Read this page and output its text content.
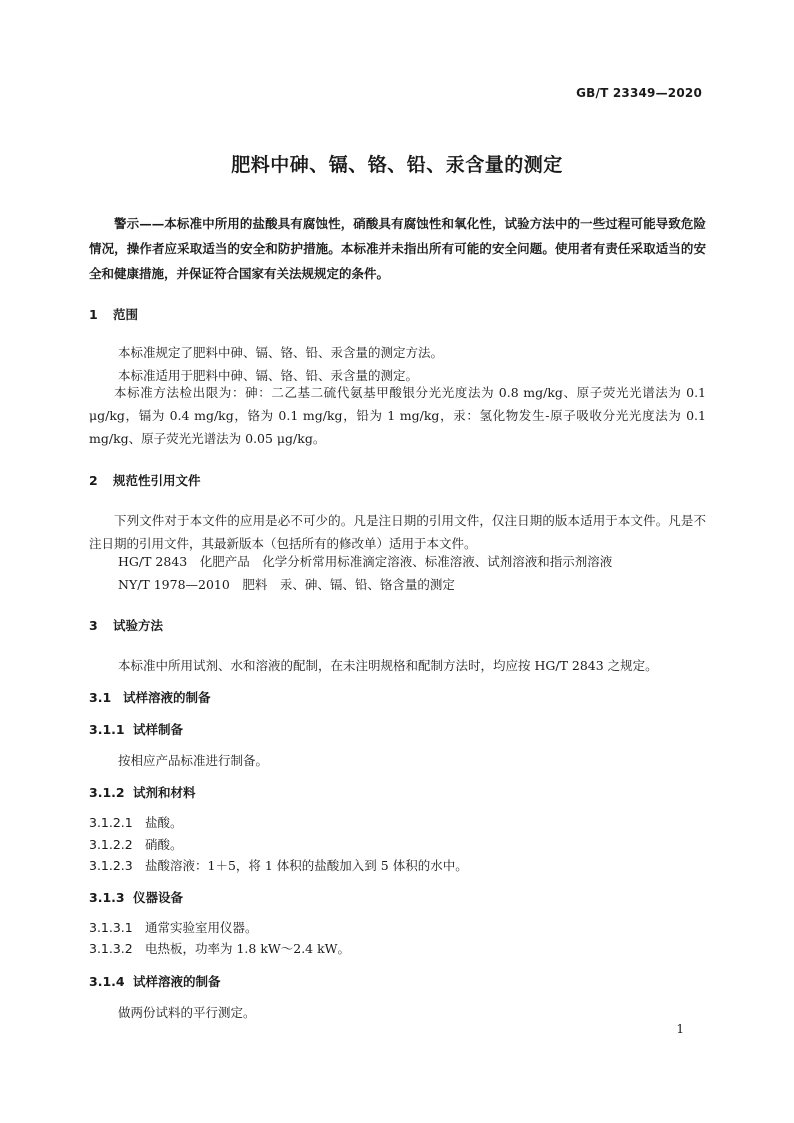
GB/T 23349—2020
肥料中砷、镉、铬、铅、汞含量的测定

警示——本标准中所用的盐酸具有腐蚀性，硝酸具有腐蚀性和氧化性，试验方法中的一些过程可能导致危险情况，操作者应采取适当的安全和防护措施。本标准并未指出所有可能的安全问题。使用者有责任采取适当的安全和健康措施，并保证符合国家有关法规规定的条件。

1 范围
本标准规定了肥料中砷、镉、铬、铅、汞含量的测定方法。
本标准适用于肥料中砷、镉、铬、铅、汞含量的测定。

本标准方法检出限为：砷：二乙基二硫代氨基甲酸银分光光度法为 0.8 mg/kg、原子荧光光谱法为 0.1 μg/kg，镉为 0.4 mg/kg，铬为 0.1 mg/kg，铅为 1 mg/kg，汞：氢化物发生-原子吸收分光光度法为 0.1 mg/kg、原子荧光光谱法为 0.05 μg/kg。

2 规范性引用文件

下列文件对于本文件的应用是必不可少的。凡是注日期的引用文件，仅注日期的版本适用于本文件。凡是不注日期的引用文件，其最新版本（包括所有的修改单）适用于本文件。

HG/T 2843　化肥产品　化学分析常用标准滴定溶液、标准溶液、试剂溶液和指示剂溶液
NY/T 1978—2010　肥料　汞、砷、镉、铅、铬含量的测定
3 试验方法
本标准中所用试剂、水和溶液的配制，在未注明规格和配制方法时，均应按 HG/T 2843 之规定。
3.1 试样溶液的制备
3.1.1 试样制备
按相应产品标准进行制备。
3.1.2 试剂和材料
3.1.2.1 盐酸。
3.1.2.2 硝酸。
3.1.2.3 盐酸溶液：1＋5，将 1 体积的盐酸加入到 5 体积的水中。
3.1.3 仪器设备
3.1.3.1 通常实验室用仪器。
3.1.3.2 电热板，功率为 1.8 kW～2.4 kW。
3.1.4 试样溶液的制备
做两份试料的平行测定。
1
